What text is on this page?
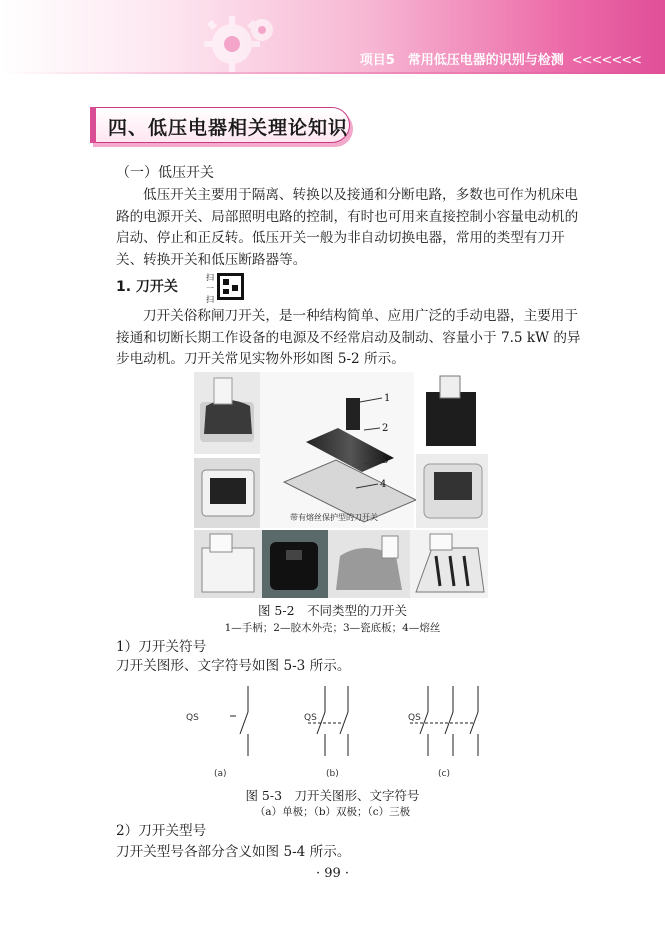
项目5　常用低压电器的识别与检测 <<<<<<<
四、低压电器相关理论知识
（一）低压开关
低压开关主要用于隔离、转换以及接通和分断电路，多数也可作为机床电路的电源开关、局部照明电路的控制，有时也可用来直接控制小容量电动机的启动、停止和正反转。低压开关一般为非自动切换电器，常用的类型有刀开关、转换开关和低压断路器等。
1. 刀开关
扫
一
扫
刀开关俗称闸刀开关，是一种结构简单、应用广泛的手动电器，主要用于接通和切断长期工作设备的电源及不经常启动及制动、容量小于 7.5 kW 的异步电动机。刀开关常见实物外形如图 5-2 所示。
1
2
3
4
带有熔丝保护型的刀开关
图 5-2　不同类型的刀开关
1—手柄；2—胶木外壳；3—瓷底板；4—熔丝
1）刀开关符号
刀开关图形、文字符号如图 5-3 所示。
QS	QS	QS
(a)	(b)	(c)
图 5-3　刀开关图形、文字符号
（a）单极；（b）双极；（c）三极
2）刀开关型号
刀开关型号各部分含义如图 5-4 所示。
· 99 ·
